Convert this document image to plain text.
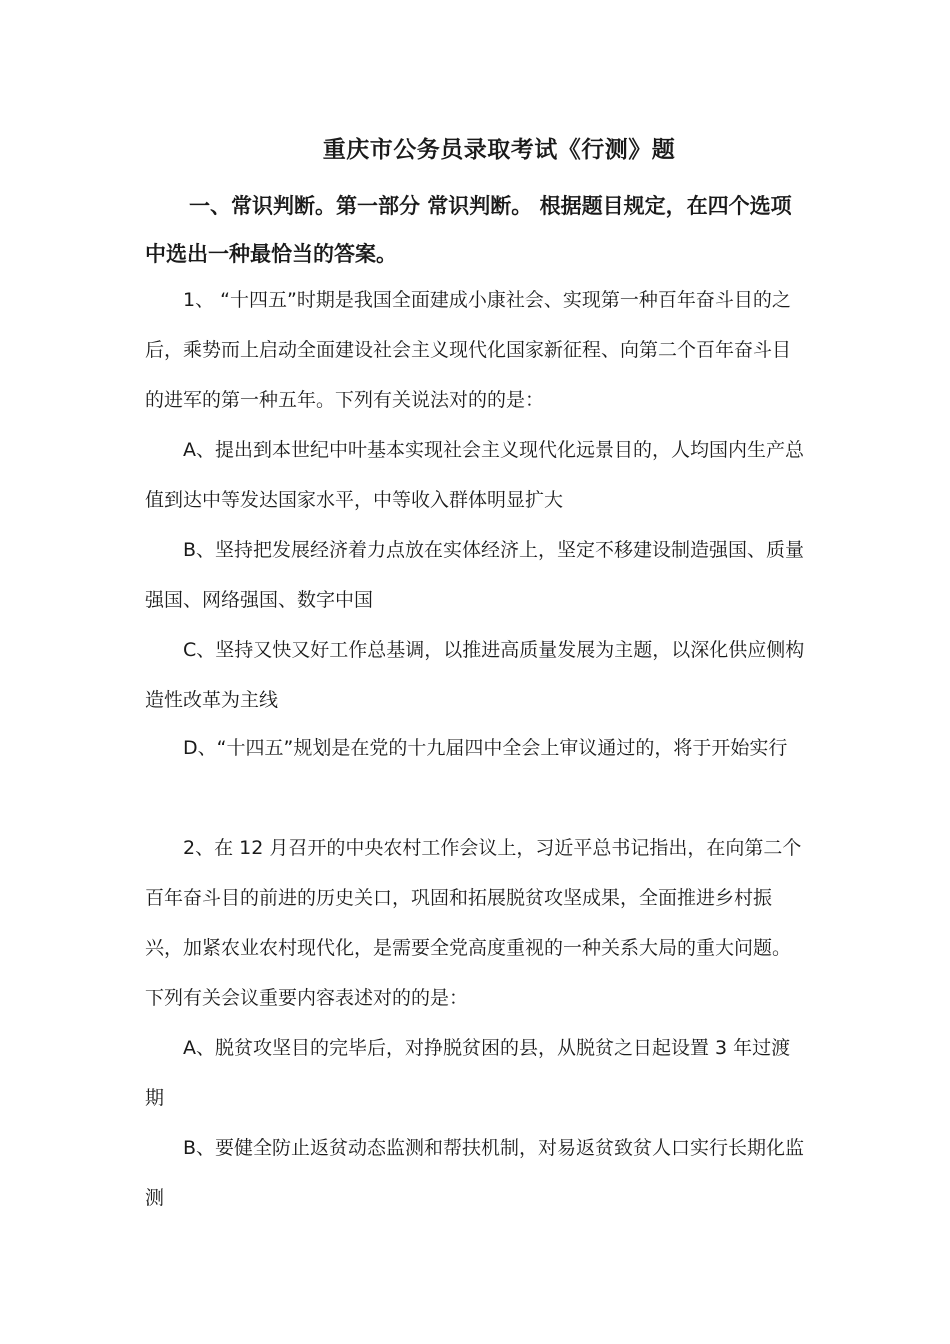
重庆市公务员录取考试《行测》题

一、常识判断。第一部分 常识判断。 根据题目规定，在四个选项中选出一种最恰当的答案。

1、 “十四五”时期是我国全面建成小康社会、实现第一种百年奋斗目的之后，乘势而上启动全面建设社会主义现代化国家新征程、向第二个百年奋斗目的进军的第一种五年。下列有关说法对的的是：

A、提出到本世纪中叶基本实现社会主义现代化远景目的，人均国内生产总值到达中等发达国家水平，中等收入群体明显扩大

B、坚持把发展经济着力点放在实体经济上，坚定不移建设制造强国、质量强国、网络强国、数字中国

C、坚持又快又好工作总基调，以推进高质量发展为主题，以深化供应侧构造性改革为主线

D、“十四五”规划是在党的十九届四中全会上审议通过的，将于开始实行

2、在 12 月召开的中央农村工作会议上，习近平总书记指出，在向第二个百年奋斗目的前进的历史关口，巩固和拓展脱贫攻坚成果，全面推进乡村振兴，加紧农业农村现代化，是需要全党高度重视的一种关系大局的重大问题。下列有关会议重要内容表述对的的是：

A、脱贫攻坚目的完毕后，对挣脱贫困的县，从脱贫之日起设置 3 年过渡期

B、要健全防止返贫动态监测和帮扶机制，对易返贫致贫人口实行长期化监测
